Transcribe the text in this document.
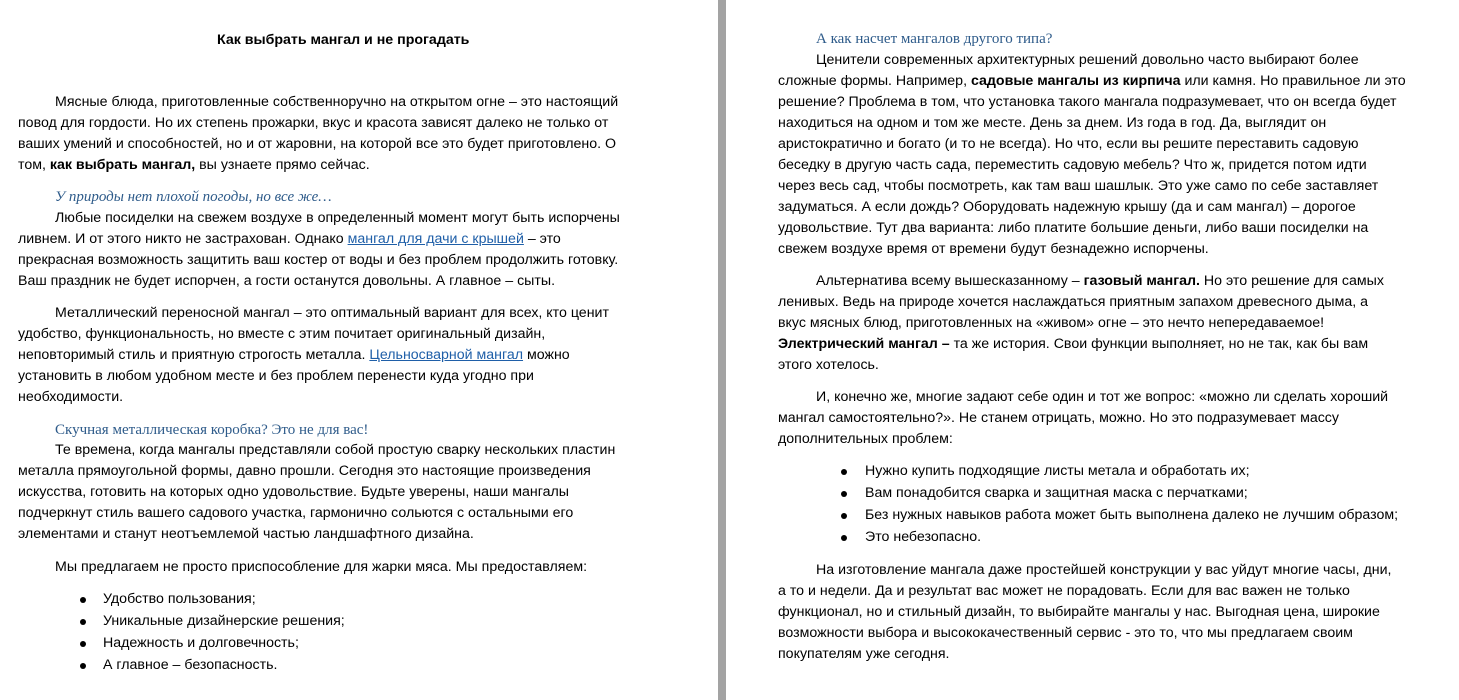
Как выбрать мангал и не прогадать
Мясные блюда, приготовленные собственноручно на открытом огне – это настоящий
повод для гордости. Но их степень прожарки, вкус и красота зависят далеко не только от
ваших умений и способностей, но и от жаровни, на которой все это будет приготовлено. О
том, как выбрать мангал, вы узнаете прямо сейчас.
У природы нет плохой погоды, но все же…
Любые посиделки на свежем воздухе в определенный момент могут быть испорчены
ливнем. И от этого никто не застрахован. Однако мангал для дачи с крышей – это
прекрасная возможность защитить ваш костер от воды и без проблем продолжить готовку.
Ваш праздник не будет испорчен, а гости останутся довольны. А главное – сыты.
Металлический переносной мангал – это оптимальный вариант для всех, кто ценит
удобство, функциональность, но вместе с этим почитает оригинальный дизайн,
неповторимый стиль и приятную строгость металла. Цельносварной мангал можно
установить в любом удобном месте и без проблем перенести куда угодно при
необходимости.
Скучная металлическая коробка? Это не для вас!
Те времена, когда мангалы представляли собой простую сварку нескольких пластин
металла прямоугольной формы, давно прошли. Сегодня это настоящие произведения
искусства, готовить на которых одно удовольствие. Будьте уверены, наши мангалы
подчеркнут стиль вашего садового участка, гармонично сольются с остальными его
элементами и станут неотъемлемой частью ландшафтного дизайна.
Мы предлагаем не просто приспособление для жарки мяса. Мы предоставляем:
Удобство пользования;
Уникальные дизайнерские решения;
Надежность и долговечность;
А главное – безопасность.
А как насчет мангалов другого типа?
Ценители современных архитектурных решений довольно часто выбирают более
сложные формы. Например, садовые мангалы из кирпича или камня. Но правильное ли это
решение? Проблема в том, что установка такого мангала подразумевает, что он всегда будет
находиться на одном и том же месте. День за днем. Из года в год. Да, выглядит он
аристократично и богато (и то не всегда). Но что, если вы решите переставить садовую
беседку в другую часть сада, переместить садовую мебель? Что ж, придется потом идти
через весь сад, чтобы посмотреть, как там ваш шашлык. Это уже само по себе заставляет
задуматься. А если дождь? Оборудовать надежную крышу (да и сам мангал) – дорогое
удовольствие. Тут два варианта: либо платите большие деньги, либо ваши посиделки на
свежем воздухе время от времени будут безнадежно испорчены.
Альтернатива всему вышесказанному – газовый мангал. Но это решение для самых
ленивых. Ведь на природе хочется наслаждаться приятным запахом древесного дыма, а
вкус мясных блюд, приготовленных на «живом» огне – это нечто непередаваемое!
Электрический мангал – та же история. Свои функции выполняет, но не так, как бы вам
этого хотелось.
И, конечно же, многие задают себе один и тот же вопрос: «можно ли сделать хороший
мангал самостоятельно?». Не станем отрицать, можно. Но это подразумевает массу
дополнительных проблем:
Нужно купить подходящие листы метала и обработать их;
Вам понадобится сварка и защитная маска с перчатками;
Без нужных навыков работа может быть выполнена далеко не лучшим образом;
Это небезопасно.
На изготовление мангала даже простейшей конструкции у вас уйдут многие часы, дни,
а то и недели. Да и результат вас может не порадовать. Если для вас важен не только
функционал, но и стильный дизайн, то выбирайте мангалы у нас. Выгодная цена, широкие
возможности выбора и высококачественный сервис - это то, что мы предлагаем своим
покупателям уже сегодня.
